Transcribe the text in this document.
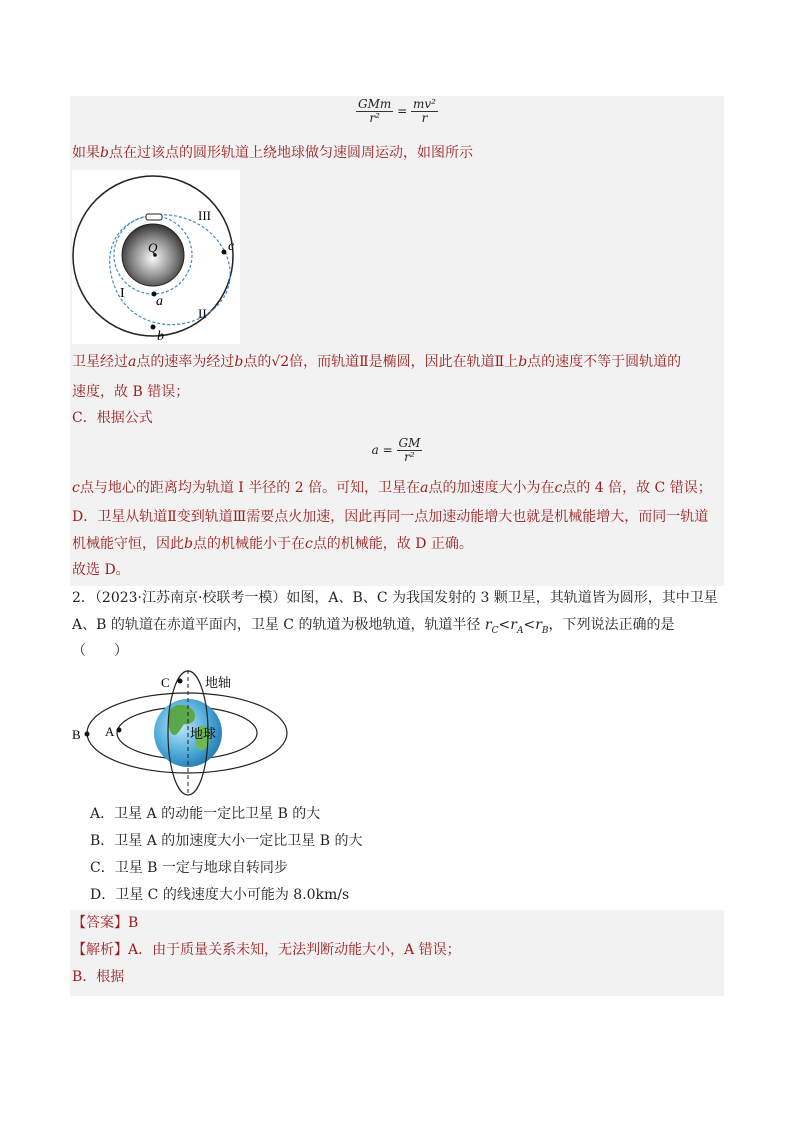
$\frac{\text{GMm}}{\text{r²}} = \frac{\text{mv²}}{r}$
如果b点在过该点的圆形轨道上绕地球做匀速圆周运动，如图所示
Q
a
b
c
I
II
III
卫星经过a点的速率为经过b点的√2倍，而轨道Ⅱ是椭圆，因此在轨道Ⅱ上b点的速度不等于圆轨道的
速度，故 B 错误；
C．根据公式
$a = \frac{GM}{\text{r²}}$
c点与地心的距离均为轨道 I 半径的 2 倍。可知，卫星在a点的加速度大小为在c点的 4 倍，故 C 错误；
D．卫星从轨道Ⅱ变到轨道Ⅲ需要点火加速，因此再同一点加速动能增大也就是机械能增大，而同一轨道
机械能守恒，因此b点的机械能小于在c点的机械能，故 D 正确。
故选 D。
2．（2023·江苏南京·校联考一模）如图，A、B、C 为我国发射的 3 颗卫星，其轨道皆为圆形，其中卫星
A、B 的轨道在赤道平面内，卫星 C 的轨道为极地轨道，轨道半径 $r_C<r_A<r_B$，下列说法正确的是
（　　）
C	地轴
B A	地球
A．卫星 A 的动能一定比卫星 B 的大
B．卫星 A 的加速度大小一定比卫星 B 的大
C．卫星 B 一定与地球自转同步
D．卫星 C 的线速度大小可能为 8.0km/s
【答案】B
【解析】A．由于质量关系未知，无法判断动能大小，A 错误；
B．根据
